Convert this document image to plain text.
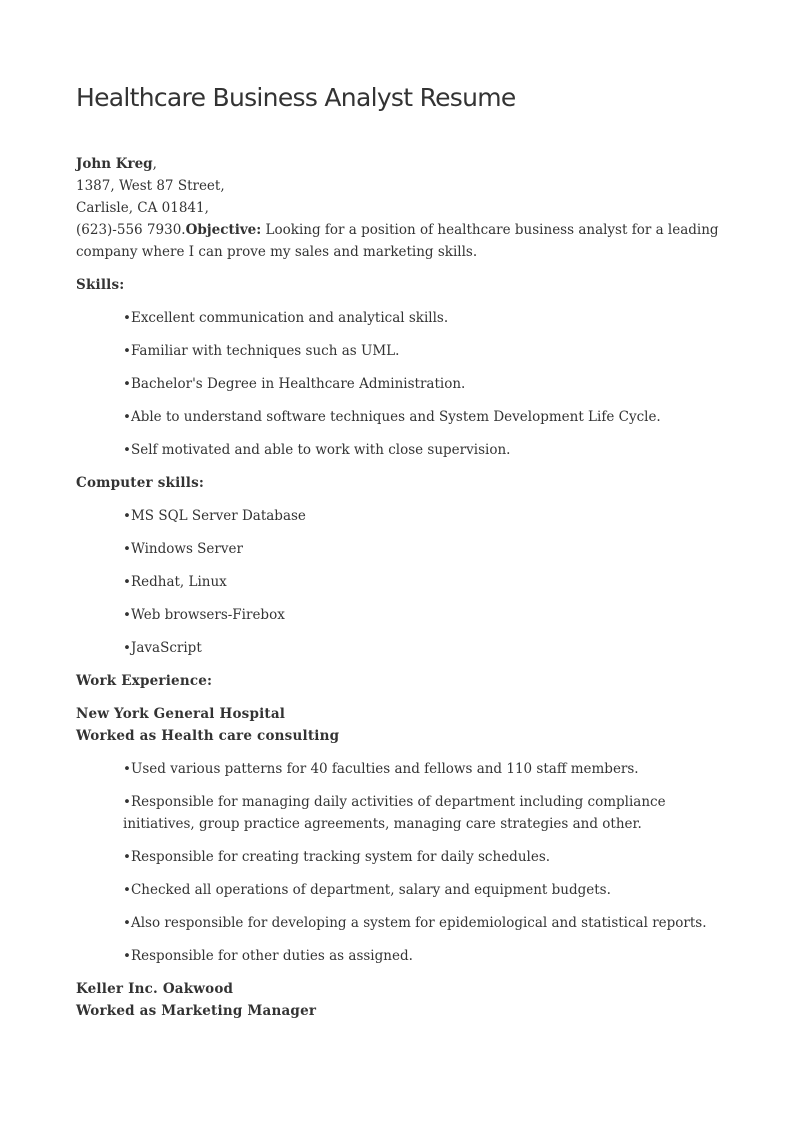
Healthcare Business Analyst Resume
John Kreg,
1387, West 87 Street,
Carlisle, CA 01841,
(623)-556 7930.Objective: Looking for a position of healthcare business analyst for a leading company where I can prove my sales and marketing skills.
Skills:
•Excellent communication and analytical skills.
•Familiar with techniques such as UML.
•Bachelor's Degree in Healthcare Administration.
•Able to understand software techniques and System Development Life Cycle.
•Self motivated and able to work with close supervision.
Computer skills:
•MS SQL Server Database
•Windows Server
•Redhat, Linux
•Web browsers-Firebox
•JavaScript
Work Experience:
New York General Hospital
Worked as Health care consulting
•Used various patterns for 40 faculties and fellows and 110 staff members.
•Responsible for managing daily activities of department including compliance initiatives, group practice agreements, managing care strategies and other.
•Responsible for creating tracking system for daily schedules.
•Checked all operations of department, salary and equipment budgets.
•Also responsible for developing a system for epidemiological and statistical reports.
•Responsible for other duties as assigned.
Keller Inc. Oakwood
Worked as Marketing Manager
